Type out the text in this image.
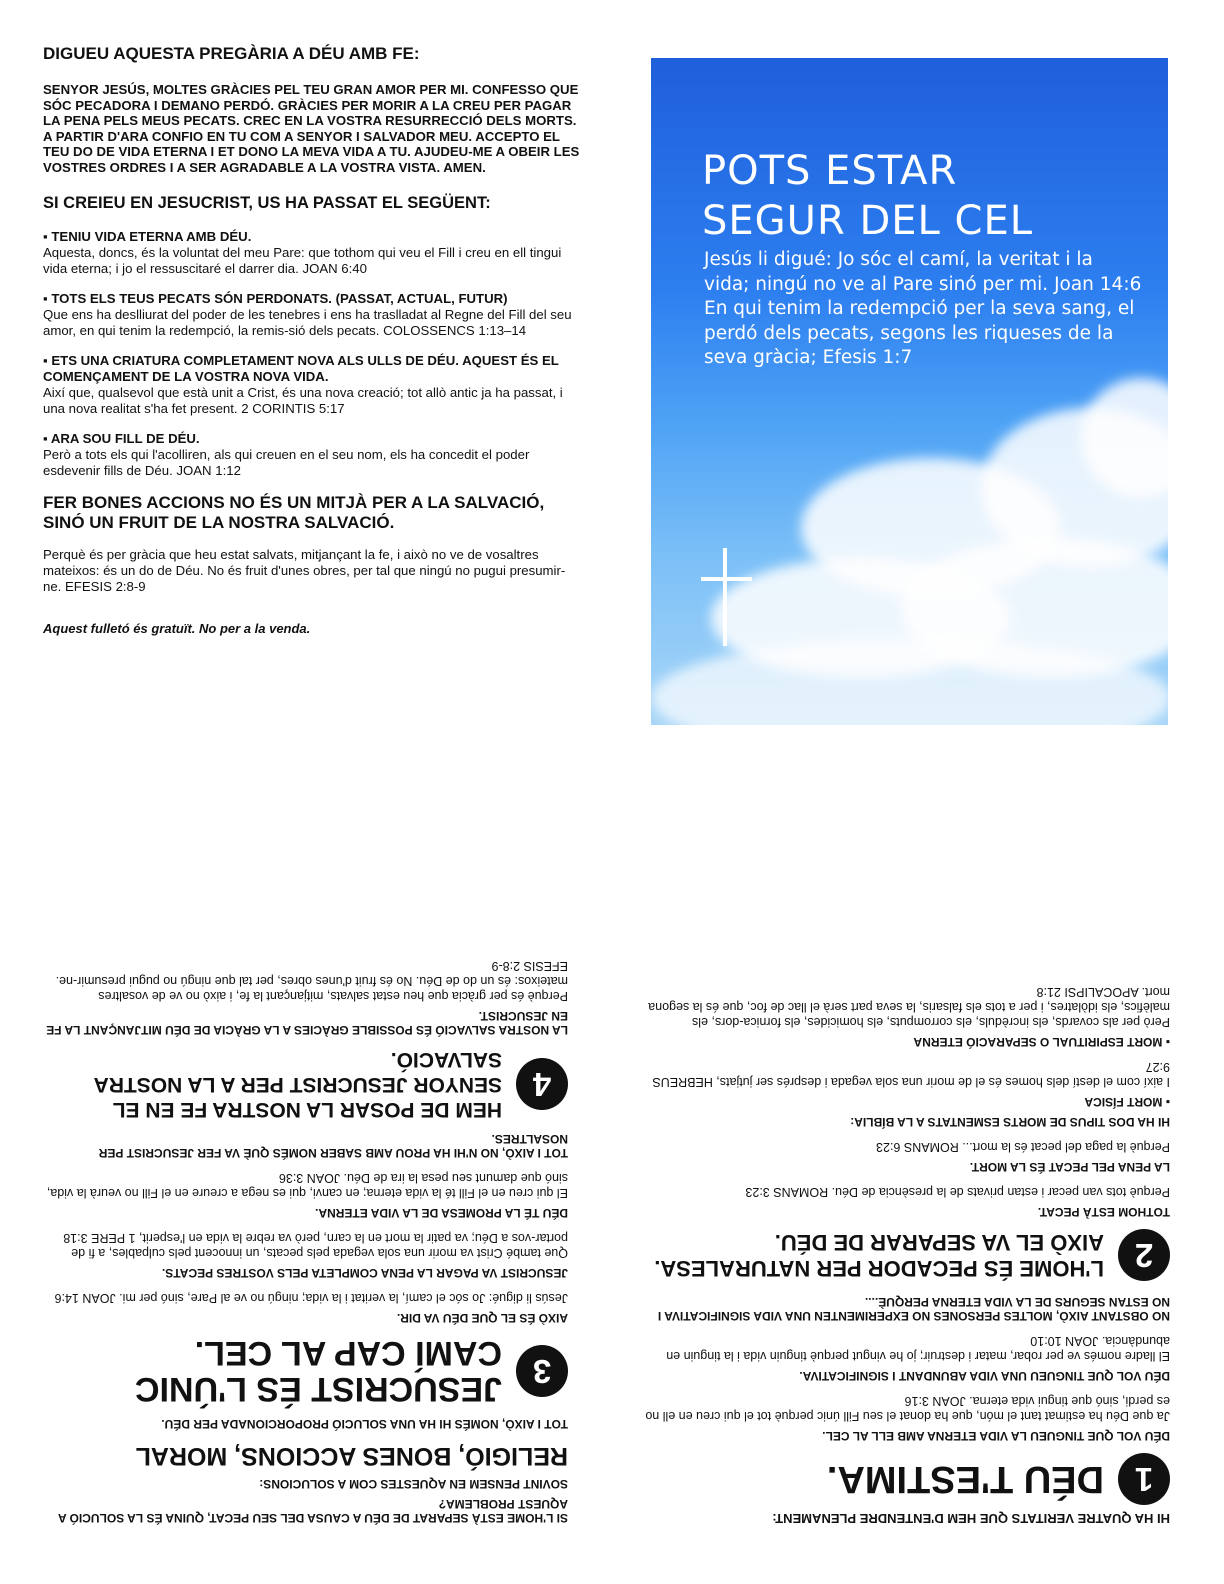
DIGUEU AQUESTA PREGÀRIA A DÉU AMB FE:
SENYOR JESÚS, MOLTES GRÀCIES PEL TEU GRAN AMOR PER MI. CONFESSO QUE SÓC PECADORA I DEMANO PERDÓ. GRÀCIES PER MORIR A LA CREU PER PAGAR LA PENA PELS MEUS PECATS. CREC EN LA VOSTRA RESURRECCIÓ DELS MORTS. A PARTIR D'ARA CONFIO EN TU COM A SENYOR I SALVADOR MEU. ACCEPTO EL TEU DO DE VIDA ETERNA I ET DONO LA MEVA VIDA A TU. AJUDEU-ME A OBEIR LES VOSTRES ORDRES I A SER AGRADABLE A LA VOSTRA VISTA. AMEN.
SI CREIEU EN JESUCRIST, US HA PASSAT EL SEGÜENT:
▪ TENIU VIDA ETERNA AMB DÉU.
Aquesta, doncs, és la voluntat del meu Pare: que tothom qui veu el Fill i creu en ell tingui vida eterna; i jo el ressuscitaré el darrer dia. JOAN 6:40
▪ TOTS ELS TEUS PECATS SÓN PERDONATS. (PASSAT, ACTUAL, FUTUR)
Que ens ha deslliurat del poder de les tenebres i ens ha traslladat al Regne del Fill del seu amor, en qui tenim la redempció, la remis-sió dels pecats. COLOSSENCS 1:13–14
▪ ETS UNA CRIATURA COMPLETAMENT NOVA ALS ULLS DE DÉU. AQUEST ÉS EL COMENÇAMENT DE LA VOSTRA NOVA VIDA.
Així que, qualsevol que està unit a Crist, és una nova creació; tot allò antic ja ha passat, i una nova realitat s'ha fet present. 2 CORINTIS 5:17
▪ ARA SOU FILL DE DÉU.
Però a tots els qui l'acolliren, als qui creuen en el seu nom, els ha concedit el poder esdevenir fills de Déu. JOAN 1:12
FER BONES ACCIONS NO ÉS UN MITJÀ PER A LA SALVACIÓ, SINÓ UN FRUIT DE LA NOSTRA SALVACIÓ.
Perquè és per gràcia que heu estat salvats, mitjançant la fe, i això no ve de vosaltres mateixos: és un do de Déu. No és fruit d'unes obres, per tal que ningú no pugui presumir-ne. EFESIS 2:8-9
Aquest fulletó és gratuït. No per a la venda.
POTS ESTAR
SEGUR DEL CEL
Jesús li digué: Jo sóc el camí, la veritat i la vida; ningú no ve al Pare sinó per mi. Joan 14:6 En qui tenim la redempció per la seva sang, el perdó dels pecats, segons les riqueses de la seva gràcia; Efesis 1:7
HI HA QUATRE VERITATS QUE HEM D'ENTENDRE PLENAMENT:
1
DÉU T'ESTIMA.
DÉU VOL QUE TINGUEU LA VIDA ETERNA AMB ELL AL CEL.
Ja que Déu ha estimat tant el món, que ha donat el seu Fill únic perquè tot el qui creu en ell no es perdi, sinó que tingui vida eterna. JOAN 3:16
DÉU VOL QUE TINGUEU UNA VIDA ABUNDANT I SIGNIFICATIVA.
El lladre només ve per robar, matar i destruir; jo he vingut perquè tinguin vida i la tinguin en abundància. JOAN 10:10
NO OBSTANT AIXÒ, MOLTES PERSONES NO EXPERIMENTEN UNA VIDA SIGNIFICATIVA I NO ESTAN SEGURS DE LA VIDA ETERNA PERQUÈ....
2
L'HOME ÉS PECADOR PER NATURALESA. AIXÒ EL VA SEPARAR DE DÉU.
TOTHOM ESTÀ PECAT.
Perquè tots van pecar i estan privats de la presència de Déu. ROMANS 3:23
LA PENA PEL PECAT ÉS LA MORT.
Perquè la paga del pecat és la mort... ROMANS 6:23
HI HA DOS TIPUS DE MORTS ESMENTATS A LA BÍBLIA:
▪ MORT FÍSICA
I així com el destí dels homes és el de morir una sola vegada i després ser jutjats, HEBREUS 9:27
▪ MORT ESPIRITUAL O SEPARACIÓ ETERNA
Però per als covards, els incrèduls, els corromputs, els homicides, els fornica-dors, els malèfics, els idòlatres, i per a tots els falsaris, la seva part serà el llac de foc, que és la segona mort. APOCALIPSI 21:8
SI L'HOME ESTÀ SEPARAT DE DÉU A CAUSA DEL SEU PECAT, QUINA ÉS LA SOLUCIÓ A AQUEST PROBLEMA?
SOVINT PENSEM EN AQUESTES COM A SOLUCIONS:
RELIGIÓ, BONES ACCIONS, MORAL
TOT I AIXÒ, NOMÉS HI HA UNA SOLUCIÓ PROPORCIONADA PER DÉU.
3
JESUCRIST ÉS L'ÚNIC CAMÍ CAP AL CEL.
AIXÒ ÉS EL QUE DÉU VA DIR.
Jesús li digué: Jo sóc el camí, la veritat i la vida; ningú no ve al Pare, sinó per mi. JOAN 14:6
JESUCRIST VA PAGAR LA PENA COMPLETA PELS VOSTRES PECATS.
Que també Crist va morir una sola vegada pels pecats, un innocent pels culpables, a fi de portar-vos a Déu; va patir la mort en la carn, però va rebre la vida en l'esperit, 1 PERE 3:18
DÉU TÉ LA PROMESA DE LA VIDA ETERNA.
El qui creu en el Fill té la vida eterna; en canvi, qui es nega a creure en el Fill no veurà la vida, sinó que damunt seu pesa la ira de Déu. JOAN 3:36
TOT I AIXÒ, NO N'HI HA PROU AMB SABER NOMÉS QUÈ VA FER JESUCRIST PER NOSALTRES.
4
HEM DE POSAR LA NOSTRA FE EN EL SENYOR JESUCRIST PER A LA NOSTRA SALVACIÓ.
LA NOSTRA SALVACIÓ ÉS POSSIBLE GRÀCIES A LA GRÀCIA DE DÉU MITJANÇANT LA FE EN JESUCRIST.
Perquè és per gràcia que heu estat salvats, mitjançant la fe, i això no ve de vosaltres mateixos: és un do de Déu. No és fruit d'unes obres, per tal que ningú no pugui presumir-ne. EFESIS 2:8-9
